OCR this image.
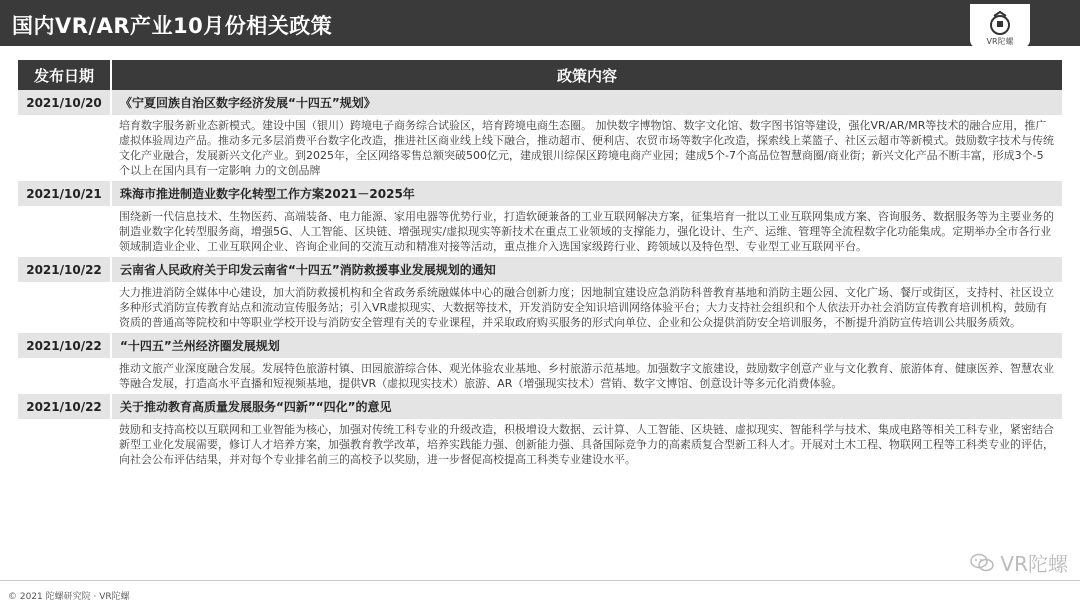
国内VR/AR产业10月份相关政策
VR陀螺
发布日期	政策内容
2021/10/20	《宁夏回族自治区数字经济发展“十四五”规划》
	培育数字服务新业态新模式。建设中国（银川）跨境电子商务综合试验区，培育跨境电商生态圈。 加快数字博物馆、数字文化馆、数字图书馆等建设，强化VR/AR/MR等技术的融合应用，推广虚拟体验周边产品。推动多元多层消费平台数字化改造，推进社区商业线上线下融合，推动超市、便利店、农贸市场等数字化改造，探索线上菜篮子、社区云超市等新模式。鼓励数字技术与传统文化产业融合，发展新兴文化产业。到2025年，全区网络零售总额突破500亿元，建成银川综保区跨境电商产业园；建成5个-7个高品位智慧商圈/商业街；新兴文化产品不断丰富，形成3个-5个以上在国内具有一定影响 力的文创品牌
2021/10/21	珠海市推进制造业数字化转型工作方案2021－2025年
	围绕新一代信息技术、生物医药、高端装备、电力能源、家用电器等优势行业，打造软硬兼备的工业互联网解决方案，征集培育一批以工业互联网集成方案、咨询服务、数据服务等为主要业务的制造业数字化转型服务商，增强5G、人工智能、区块链、增强现实/虚拟现实等新技术在重点工业领域的支撑能力，强化设计、生产、运维、管理等全流程数字化功能集成。定期举办全市各行业领域制造业企业、工业互联网企业、咨询企业间的交流互动和精准对接等活动，重点推介入选国家级跨行业、跨领域以及特色型、专业型工业互联网平台。
2021/10/22	云南省人民政府关于印发云南省“十四五”消防救援事业发展规划的通知
	大力推进消防全媒体中心建设，加大消防救援机构和全省政务系统融媒体中心的融合创新力度；因地制宜建设应急消防科普教育基地和消防主题公园、文化广场、餐厅或街区，支持村、社区设立多种形式消防宣传教育站点和流动宣传服务站；引入VR虚拟现实、大数据等技术，开发消防安全知识培训网络体验平台；大力支持社会组织和个人依法开办社会消防宣传教育培训机构，鼓励有资质的普通高等院校和中等职业学校开设与消防安全管理有关的专业课程，并采取政府购买服务的形式向单位、企业和公众提供消防安全培训服务，不断提升消防宣传培训公共服务质效。
2021/10/22	“十四五”兰州经济圈发展规划
	推动文旅产业深度融合发展。发展特色旅游村镇、田园旅游综合体、观光体验农业基地、乡村旅游示范基地。加强数字文旅建设，鼓励数字创意产业与文化教育、旅游体育、健康医养、智慧农业等融合发展，打造高水平直播和短视频基地，提供VR（虚拟现实技术）旅游、AR（增强现实技术）营销、数字文博馆、创意设计等多元化消费体验。
2021/10/22	关于推动教育高质量发展服务“四新”“四化”的意见
	鼓励和支持高校以互联网和工业智能为核心，加强对传统工科专业的升级改造，积极增设大数据、云计算、人工智能、区块链、虚拟现实、智能科学与技术、集成电路等相关工科专业，紧密结合新型工业化发展需要，修订人才培养方案，加强教育教学改革，培养实践能力强、创新能力强、具备国际竞争力的高素质复合型新工科人才。开展对土木工程、物联网工程等工科类专业的评估，向社会公布评估结果，并对每个专业排名前三的高校予以奖励，进一步督促高校提高工科类专业建设水平。
© 2021 陀螺研究院 · VR陀螺
VR陀螺
